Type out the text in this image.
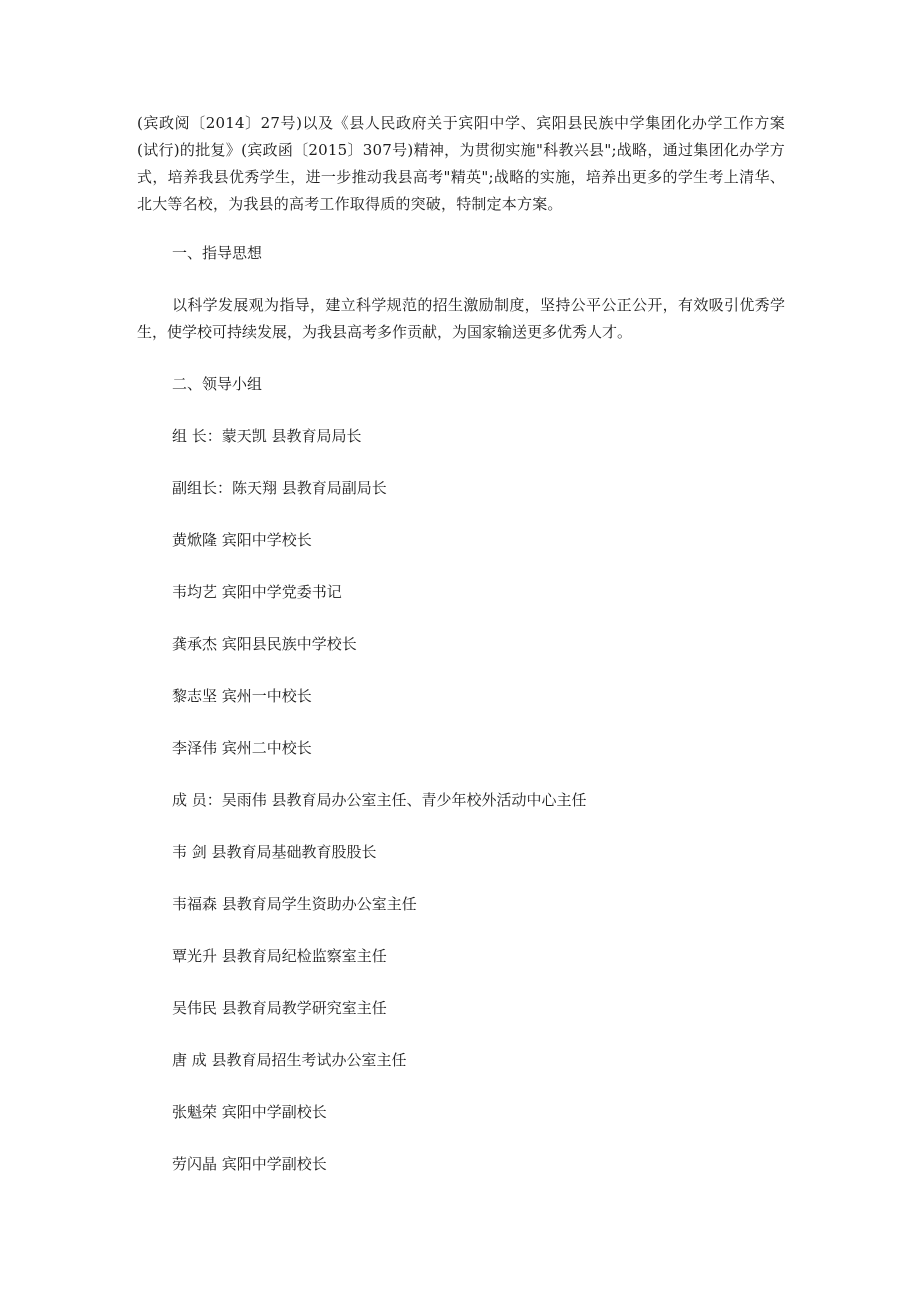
(宾政阅〔2014〕27号)以及《县人民政府关于宾阳中学、宾阳县民族中学集团化办学工作方案(试行)的批复》(宾政函〔2015〕307号)精神，为贯彻实施"科教兴县";战略，通过集团化办学方式，培养我县优秀学生，进一步推动我县高考"精英";战略的实施，培养出更多的学生考上清华、北大等名校，为我县的高考工作取得质的突破，特制定本方案。

一、指导思想

以科学发展观为指导，建立科学规范的招生激励制度，坚持公平公正公开，有效吸引优秀学生，使学校可持续发展，为我县高考多作贡献，为国家输送更多优秀人才。

二、领导小组

组 长：蒙天凯 县教育局局长

副组长：陈天翔 县教育局副局长

黄焮隆 宾阳中学校长

韦均艺 宾阳中学党委书记

龚承杰 宾阳县民族中学校长

黎志坚 宾州一中校长

李泽伟 宾州二中校长

成 员：吴雨伟 县教育局办公室主任、青少年校外活动中心主任

韦 剑 县教育局基础教育股股长

韦福森 县教育局学生资助办公室主任

覃光升 县教育局纪检监察室主任

吴伟民 县教育局教学研究室主任

唐 成 县教育局招生考试办公室主任

张魁荣 宾阳中学副校长

劳闪晶 宾阳中学副校长
